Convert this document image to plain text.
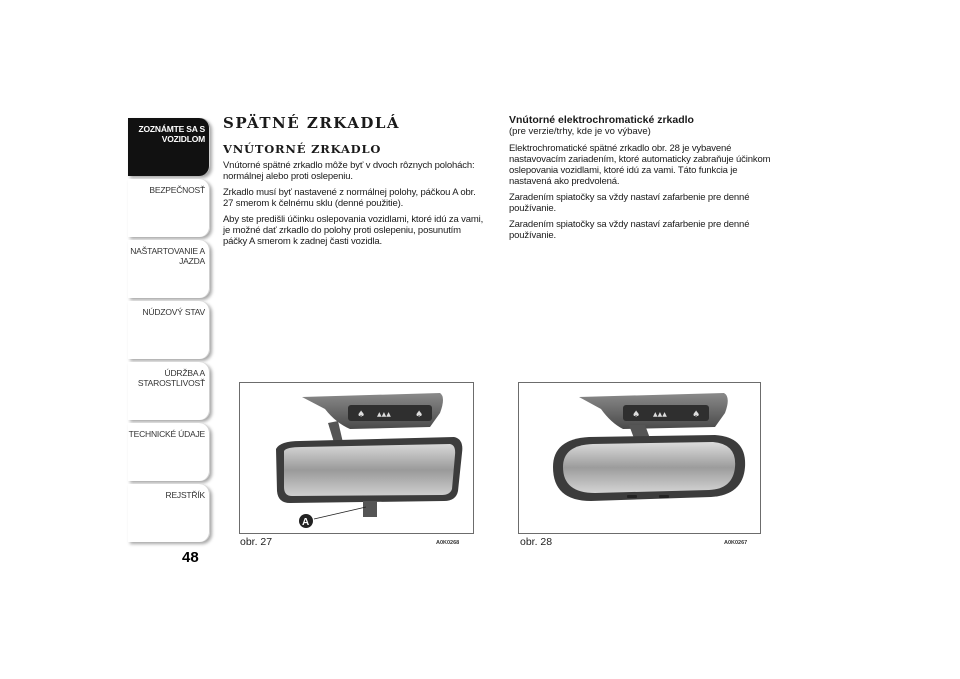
ZOZNÁMTE SA S VOZIDLOM
BEZPEČNOSŤ
NAŠTARTOVANIE A JAZDA
NÚDZOVÝ STAV
ÚDRŽBA A STAROSTLIVOSŤ
TECHNICKÉ ÚDAJE
REJSTŘÍK
48
SPÄTNÉ ZRKADLÁ
VNÚTORNÉ ZRKADLO

Vnútorné spätné zrkadlo môže byť v dvoch rôznych polohách: normálnej alebo proti oslepeniu.

Zrkadlo musí byť nastavené z normálnej polohy, páčkou A obr. 27 smerom k čelnému sklu (denné použitie).

Aby ste predišli účinku oslepovania vozidlami, ktoré idú za vami, je možné dať zrkadlo do polohy proti oslepeniu, posunutím páčky A smerom k zadnej časti vozidla.

Vnútorné elektrochromatické zrkadlo
(pre verzie/trhy, kde je vo výbave)

Elektrochromatické spätné zrkadlo obr. 28 je vybavené nastavovacím zariadením, ktoré automaticky zabraňuje účinkom oslepovania vozidlami, ktoré idú za vami. Táto funkcia je nastavená ako predvolená.

Zaradením spiatočky sa vždy nastaví zafarbenie pre denné používanie.

Zaradením spiatočky sa vždy nastaví zafarbenie pre denné používanie.

♠ ▲▲▲	♠
A
obr. 27	A0K0268
♠ ▲▲▲	♠
obr. 28	A0K0267
